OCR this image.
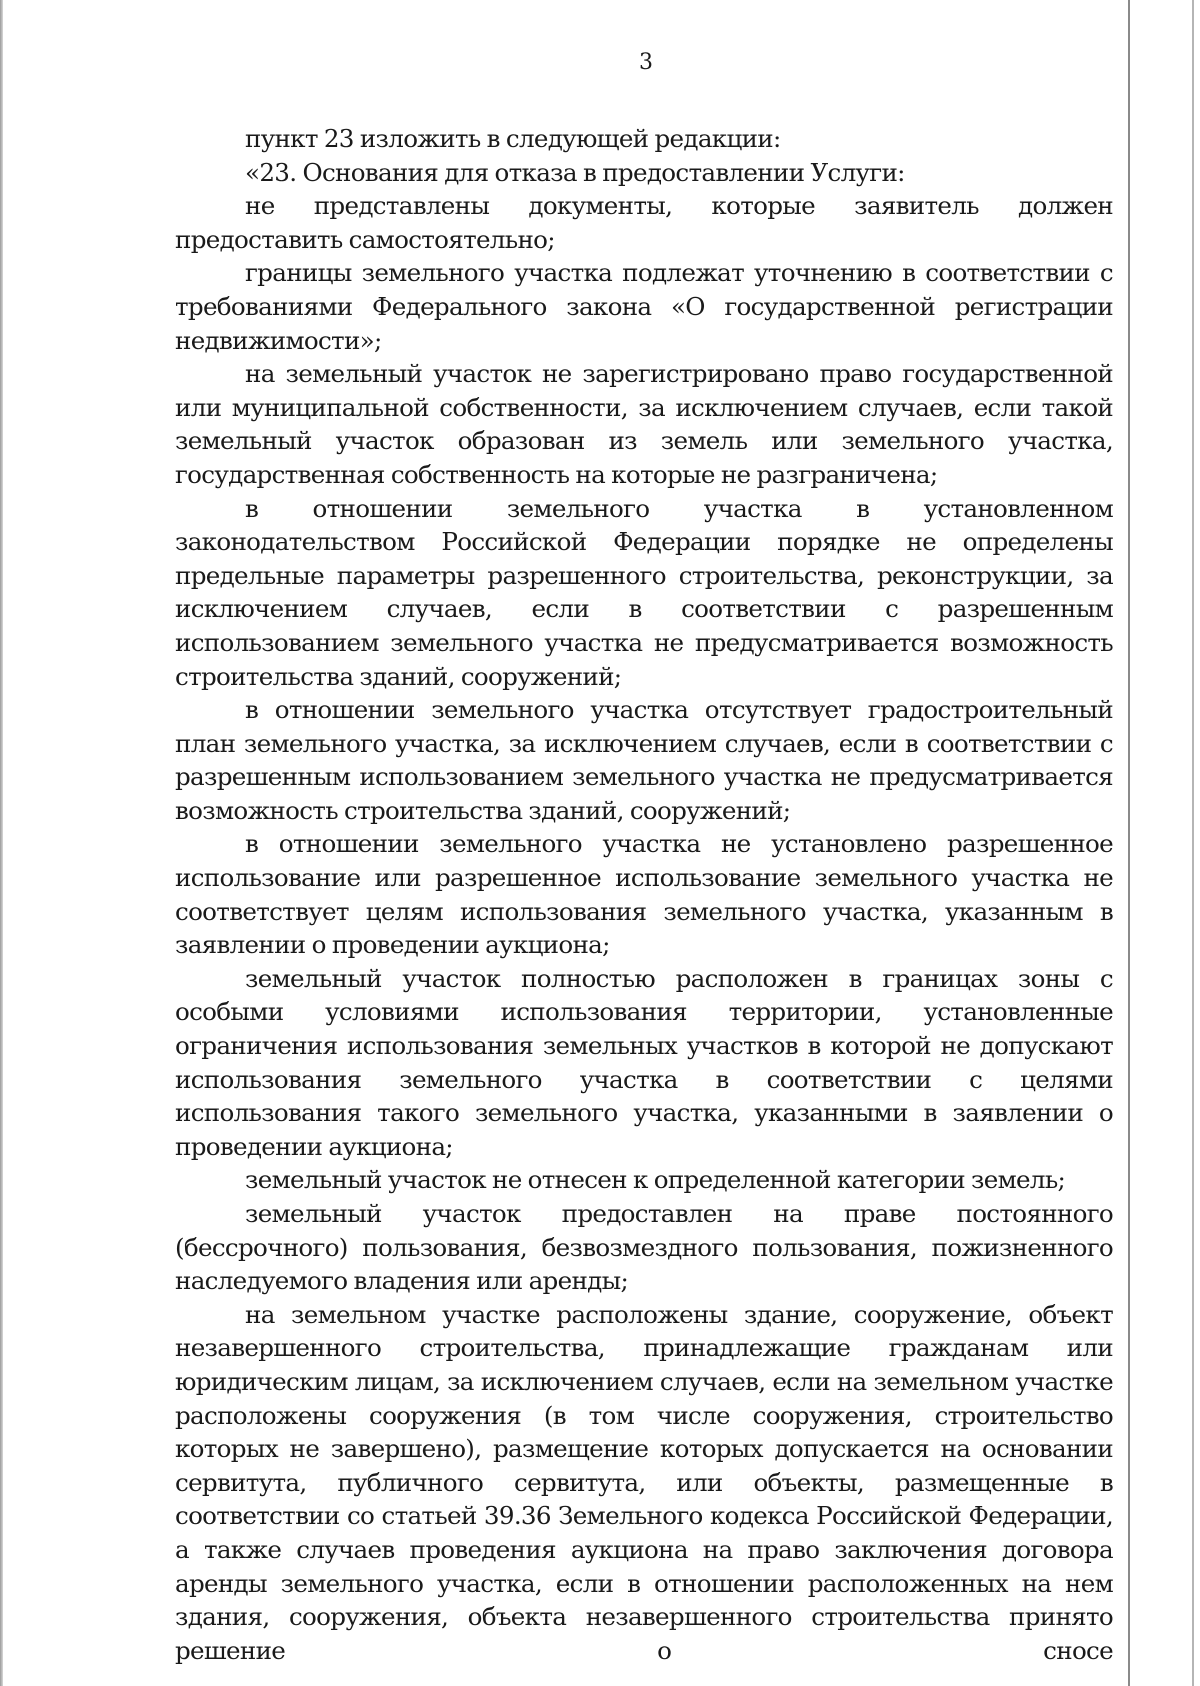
3

пункт 23 изложить в следующей редакции:

«23. Основания для отказа в предоставлении Услуги:

не представлены документы, которые заявитель должен предоставить самостоятельно;

границы земельного участка подлежат уточнению в соответствии с требованиями Федерального закона «О государственной регистрации недвижимости»;

на земельный участок не зарегистрировано право государственной или муниципальной собственности, за исключением случаев, если такой земельный участок образован из земель или земельного участка, государственная собственность на которые не разграничена;

в отношении земельного участка в установленном законодательством Российской Федерации порядке не определены предельные параметры разрешенного строительства, реконструкции, за исключением случаев, если в соответствии с разрешенным использованием земельного участка не предусматривается возможность строительства зданий, сооружений;

в отношении земельного участка отсутствует градостроительный план земельного участка, за исключением случаев, если в соответствии с разрешенным использованием земельного участка не предусматривается возможность строительства зданий, сооружений;

в отношении земельного участка не установлено разрешенное использование или разрешенное использование земельного участка не соответствует целям использования земельного участка, указанным в заявлении о проведении аукциона;

земельный участок полностью расположен в границах зоны с особыми условиями использования территории, установленные ограничения использования земельных участков в которой не допускают использования земельного участка в соответствии с целями использования такого земельного участка, указанными в заявлении о проведении аукциона;

земельный участок не отнесен к определенной категории земель;

земельный участок предоставлен на праве постоянного (бессрочного) пользования, безвозмездного пользования, пожизненного наследуемого владения или аренды;

на земельном участке расположены здание, сооружение, объект незавершенного строительства, принадлежащие гражданам или юридическим лицам, за исключением случаев, если на земельном участке расположены сооружения (в том числе сооружения, строительство которых не завершено), размещение которых допускается на основании сервитута, публичного сервитута, или объекты, размещенные в соответствии со статьей 39.36 Земельного кодекса Российской Федерации, а также случаев проведения аукциона на право заключения договора аренды земельного участка, если в отношении расположенных на нем здания, сооружения, объекта незавершенного строительства принято решение о сносе
